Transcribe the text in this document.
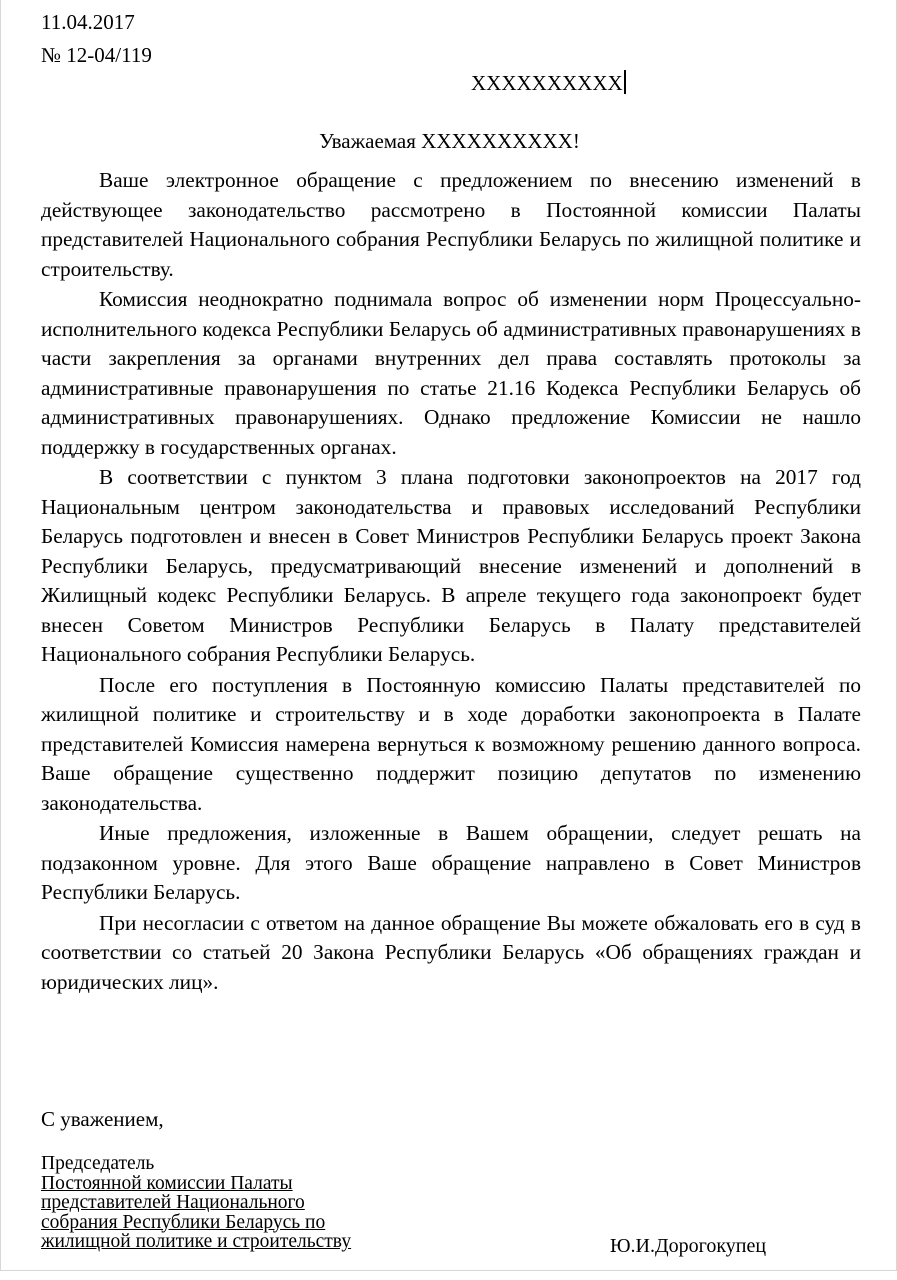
11.04.2017
№ 12-04/119
XXXXXXXXXX
Уважаемая XXXXXXXXXX!

Ваше электронное обращение с предложением по внесению изменений в действующее законодательство рассмотрено в Постоянной комиссии Палаты представителей Национального собрания Республики Беларусь по жилищной политике и строительству.

Комиссия неоднократно поднимала вопрос об изменении норм Процессуально-исполнительного кодекса Республики Беларусь об административных правонарушениях в части закрепления за органами внутренних дел права составлять протоколы за административные правонарушения по статье 21.16 Кодекса Республики Беларусь об административных правонарушениях. Однако предложение Комиссии не нашло поддержку в государственных органах.

В соответствии с пунктом 3 плана подготовки законопроектов на 2017 год Национальным центром законодательства и правовых исследований Республики Беларусь подготовлен и внесен в Совет Министров Республики Беларусь проект Закона Республики Беларусь, предусматривающий внесение изменений и дополнений в Жилищный кодекс Республики Беларусь. В апреле текущего года законопроект будет внесен Советом Министров Республики Беларусь в Палату представителей Национального собрания Республики Беларусь.

После его поступления в Постоянную комиссию Палаты представителей по жилищной политике и строительству и в ходе доработки законопроекта в Палате представителей Комиссия намерена вернуться к возможному решению данного вопроса. Ваше обращение существенно поддержит позицию депутатов по изменению законодательства.

Иные предложения, изложенные в Вашем обращении, следует решать на подзаконном уровне. Для этого Ваше обращение направлено в Совет Министров Республики Беларусь.

При несогласии с ответом на данное обращение Вы можете обжаловать его в суд в соответствии со статьей 20 Закона Республики Беларусь «Об обращениях граждан и юридических лиц».

С уважением,
Председатель
Постоянной комиссии Палаты
представителей Национального
собрания Республики Беларусь по
жилищной политике и строительству	Ю.И.Дорогокупец
